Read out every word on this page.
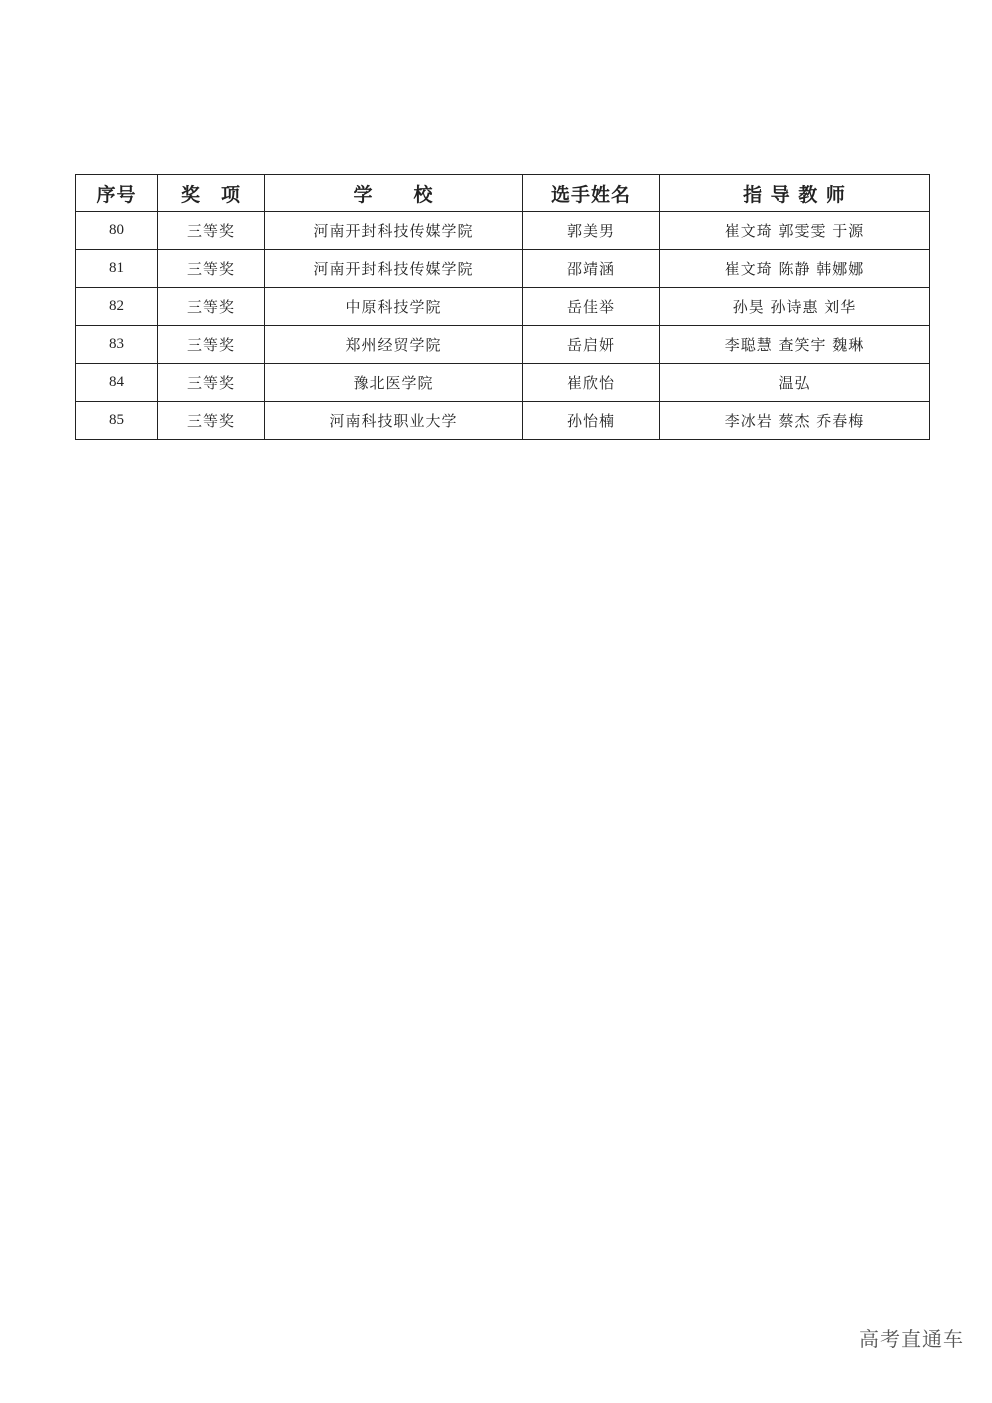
序号	奖　项	学　　校	选手姓名	指 导 教 师
80	三等奖	河南开封科技传媒学院	郭美男	崔文琦 郭雯雯 于源
81	三等奖	河南开封科技传媒学院	邵靖涵	崔文琦 陈静 韩娜娜
82	三等奖	中原科技学院	岳佳举	孙昊 孙诗惠 刘华
83	三等奖	郑州经贸学院	岳启妍	李聪慧 查笑宇 魏琳
84	三等奖	豫北医学院	崔欣怡	温弘
85	三等奖	河南科技职业大学	孙怡楠	李冰岩 蔡杰 乔春梅
高考直通车
